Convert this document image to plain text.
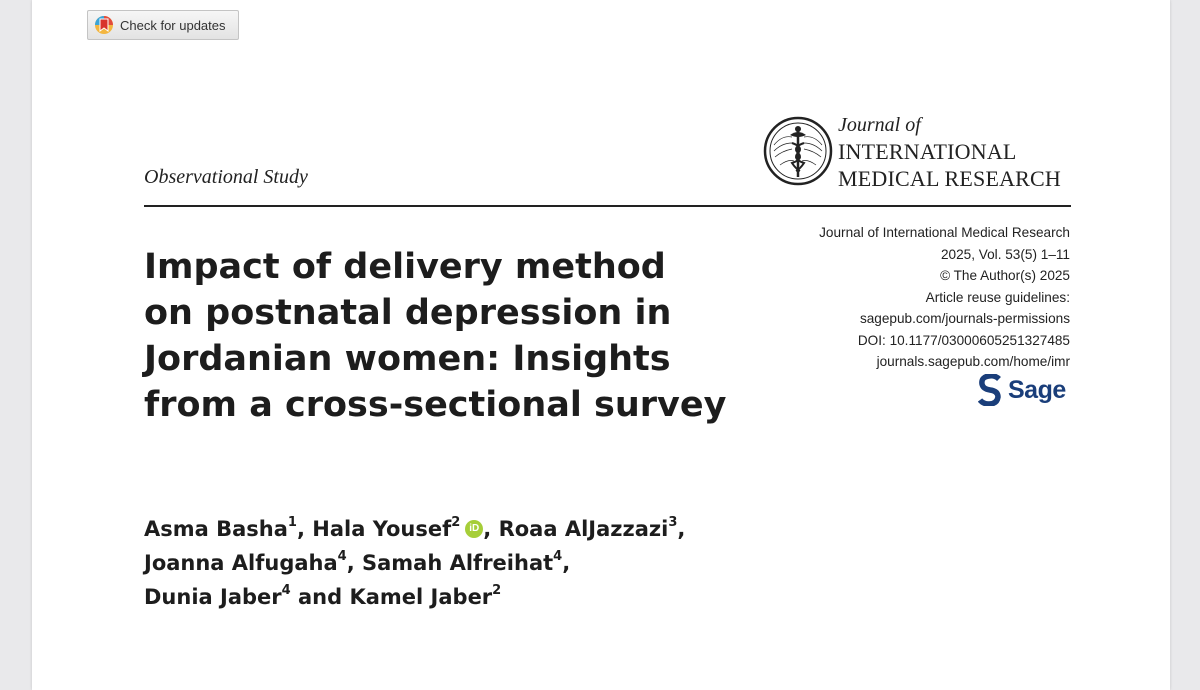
Check for updates
Observational Study
Journal of
INTERNATIONAL
MEDICAL RESEARCH
Journal of International Medical Research
2025, Vol. 53(5) 1–11
© The Author(s) 2025
Article reuse guidelines:
sagepub.com/journals-permissions
DOI: 10.1177/03000605251327485
journals.sagepub.com/home/imr
Sage
Impact of delivery method
on postnatal depression in
Jordanian women: Insights
from a cross-sectional survey
Asma Basha$^1$, Hala Yousef$^2$ iD , Roaa AlJazzazi$^3$,
Joanna Alfugaha$^4$, Samah Alfreihat$^4$,
Dunia Jaber$^4$ and Kamel Jaber$^2$
